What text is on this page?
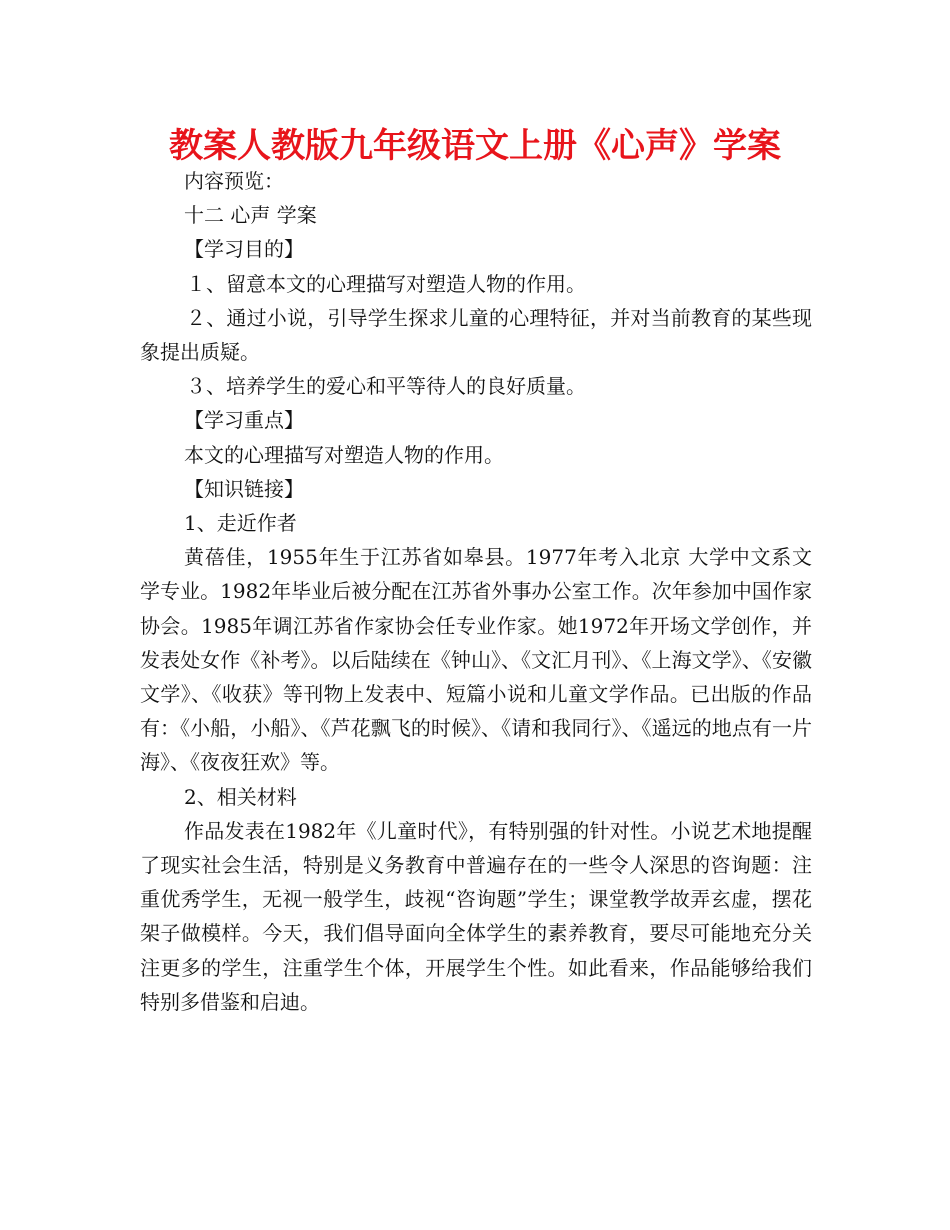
教案人教版九年级语文上册《心声》学案

内容预览：

十二 心声 学案

【学习目的】

１、留意本文的心理描写对塑造人物的作用。

２、通过小说，引导学生探求儿童的心理特征，并对当前教育的某些现象提出质疑。

３、培养学生的爱心和平等待人的良好质量。

【学习重点】

本文的心理描写对塑造人物的作用。

【知识链接】

1、走近作者

黄蓓佳，1955年生于江苏省如皋县。1977年考入北京 大学中文系文学专业。1982年毕业后被分配在江苏省外事办公室工作。次年参加中国作家协会。1985年调江苏省作家协会任专业作家。她1972年开场文学创作，并发表处女作《补考》。以后陆续在《钟山》、《文汇月刊》、《上海文学》、《安徽文学》、《收获》等刊物上发表中、短篇小说和儿童文学作品。已出版的作品有：《小船，小船》、《芦花飘飞的时候》、《请和我同行》、《遥远的地点有一片海》、《夜夜狂欢》等。

2、相关材料

作品发表在1982年《儿童时代》，有特别强的针对性。小说艺术地提醒了现实社会生活，特别是义务教育中普遍存在的一些令人深思的咨询题：注重优秀学生，无视一般学生，歧视“咨询题”学生；课堂教学故弄玄虚，摆花架子做模样。今天，我们倡导面向全体学生的素养教育，要尽可能地充分关注更多的学生，注重学生个体，开展学生个性。如此看来，作品能够给我们特别多借鉴和启迪。
